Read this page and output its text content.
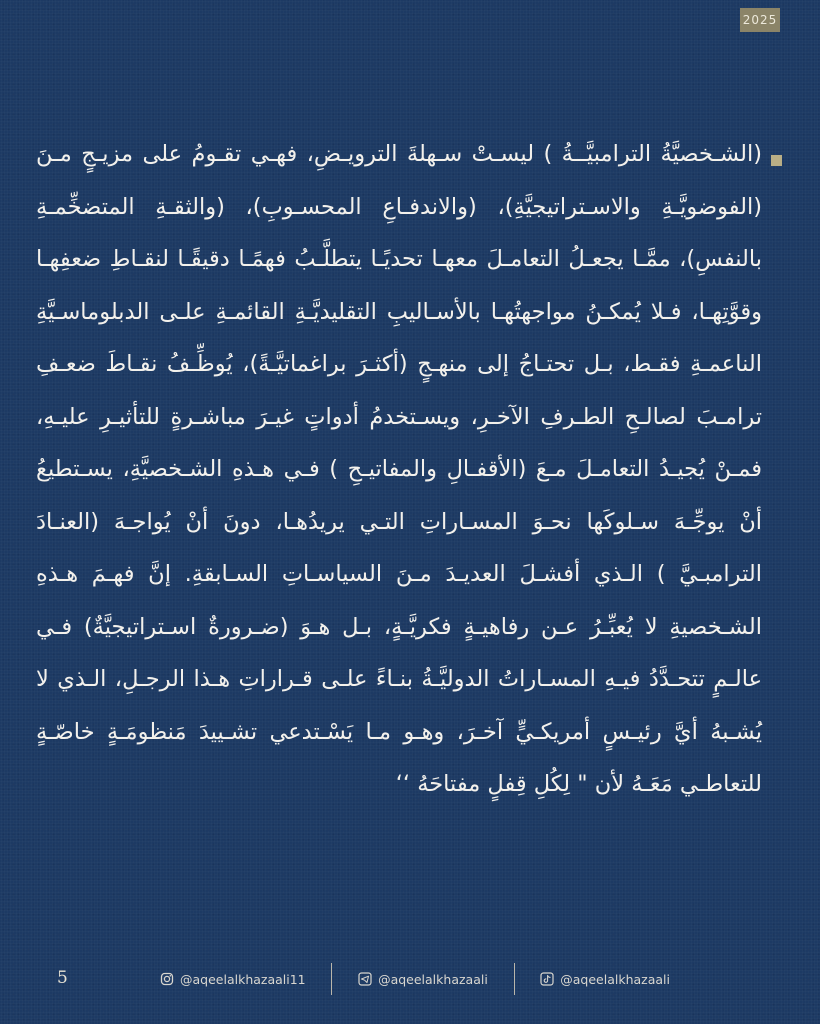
2025

(الشـخصيَّةُ الترامبيَّــةُ ) ليسـتْ سـهلةَ الترويـضِ، فهـي تقـومُ على مزيـجٍ مـنَ (الفوضويَّـةِ والاسـتراتيجيَّةِ)، (والاندفـاعِ المحسـوبِ)، (والثقـةِ المتضخِّمـةِ بالنفسِ)، ممَّـا يجعـلُ التعامـلَ معهـا تحديًـا يتطلَّـبُ فهمًـا دقيقًـا لنقـاطِ ضعفِهـا وقوَّتِهـا، فـلا يُمكـنُ مواجهتُهـا بالأسـاليبِ التقليديَّـةِ القائمـةِ علـى الدبلوماسـيَّةِ الناعمـةِ فقـط، بـل تحتـاجُ إلى منهـجٍ (أكثـرَ براغماتيَّـةً)، يُوظِّـفُ نقـاطَ ضعـفِ ترامـبَ لصالـحِ الطـرفِ الآخـرِ، ويسـتخدمُ أدواتٍ غيـرَ مباشـرةٍ للتأثيـرِ عليـهِ، فمـنْ يُجيـدُ التعامـلَ مـعَ (الأقفـالِ والمفاتيـحِ ) فـي هـذهِ الشـخصيَّةِ، يسـتطيعُ أنْ يوجِّـهَ سـلوكَها نحـوَ المسـاراتِ التـي يريدُهـا، دونَ أنْ يُواجـهَ (العنـادَ الترامبـيَّ ) الـذي أفشـلَ العديـدَ مـنَ السياسـاتِ السـابقةِ. إنَّ فهـمَ هـذهِ الشـخصيةِ لا يُعبِّـرُ عـن رفاهيـةٍ فكريَّـةٍ، بـل هـوَ (ضـرورةٌ اسـتراتيجيَّةٌ) فـي عالـمٍ تتحـدَّدُ فيـهِ المسـاراتُ الدوليَّـةُ بنـاءً علـى قـراراتِ هـذا الرجـلِ، الـذي لا يُشـبهُ أيَّ رئيـسٍ أمريكـيٍّ آخـرَ، وهـو مـا يَسْـتدعي تشـييدَ مَنظومَـةٍ خاصّـةٍ للتعاطـي مَعَـهُ لأن " لِكُلِ قِفلٍ مفتاحَهُ ‘‘

5	@aqeelalkhazaali11	@aqeelalkhazaali	@aqeelalkhazaali
